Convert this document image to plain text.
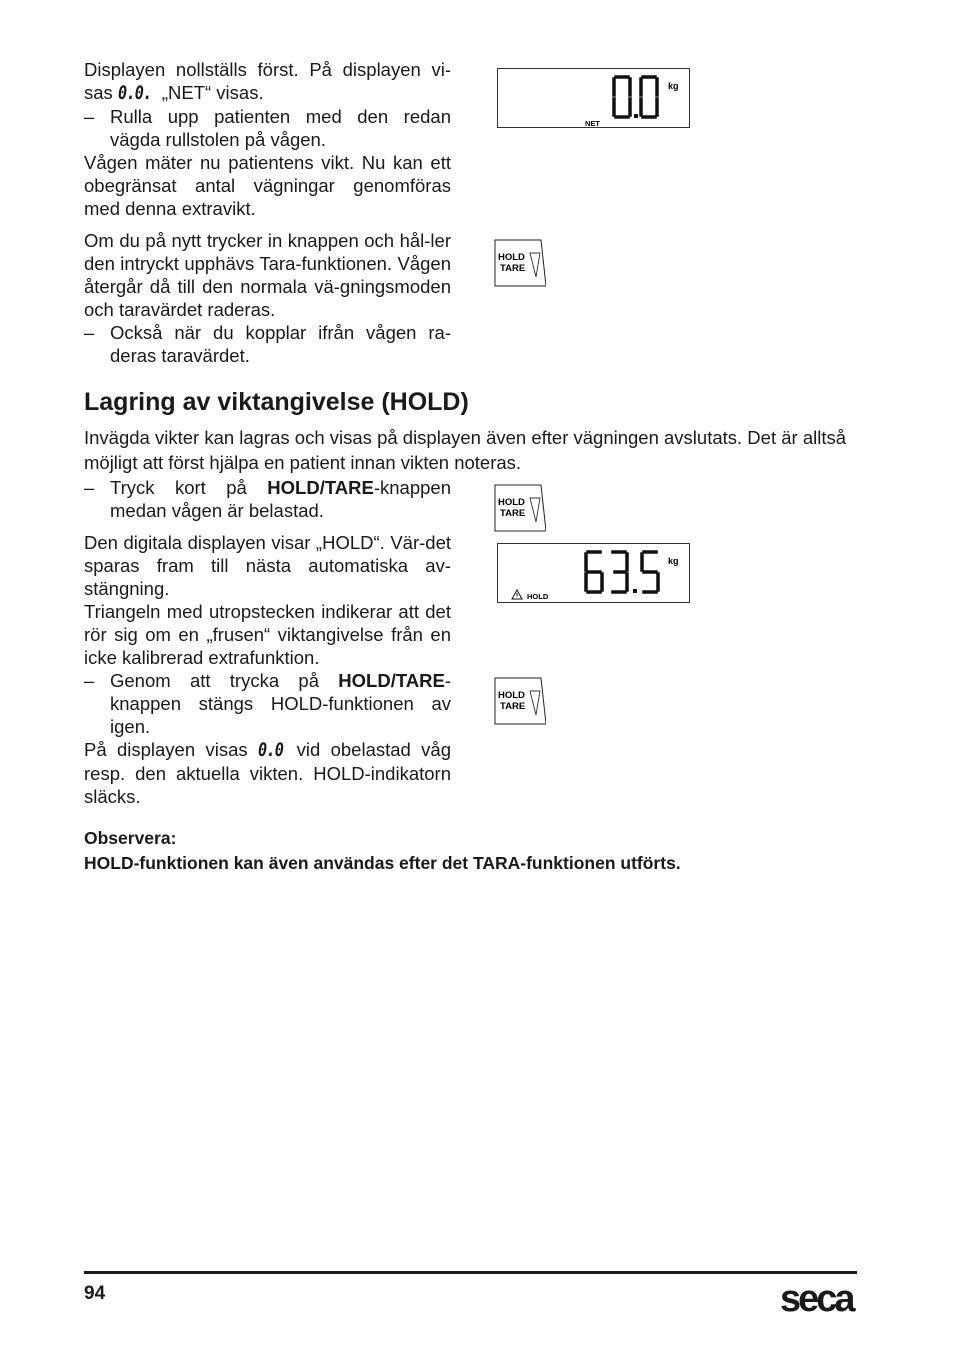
Displayen nollställs först. På displayen vi-sas 0.0. „NET“ visas.

– Rulla upp patienten med den redan vägda rullstolen på vågen.

Vågen mäter nu patientens vikt. Nu kan ett obegränsat antal vägningar genomföras med denna extravikt.

Om du på nytt trycker in knappen och hål-ler den intryckt upphävs Tara-funktionen. Vågen återgår då till den normala vä-gningsmoden och taravärdet raderas.

– Också när du kopplar ifrån vågen ra-deras taravärdet.

kg
NET
HOLD
TARE
Lagring av viktangivelse (HOLD)

Invägda vikter kan lagras och visas på displayen även efter vägningen avslutats. Det är alltså möjligt att först hjälpa en patient innan vikten noteras.

– Tryck kort på HOLD/TARE-knappen medan vågen är belastad.

Den digitala displayen visar „HOLD“. Vär-det sparas fram till nästa automatiska av-stängning.

Triangeln med utropstecken indikerar att det rör sig om en „frusen“ viktangivelse från en icke kalibrerad extrafunktion.

– Genom att trycka på HOLD/TARE-knappen stängs HOLD-funktionen av igen.

På displayen visas 0.0 vid obelastad våg resp. den aktuella vikten. HOLD-indikatorn släcks.

HOLD
TARE
kg
HOLD
HOLD
TARE
Observera:
HOLD-funktionen kan även användas efter det TARA-funktionen utförts.
94	seca
